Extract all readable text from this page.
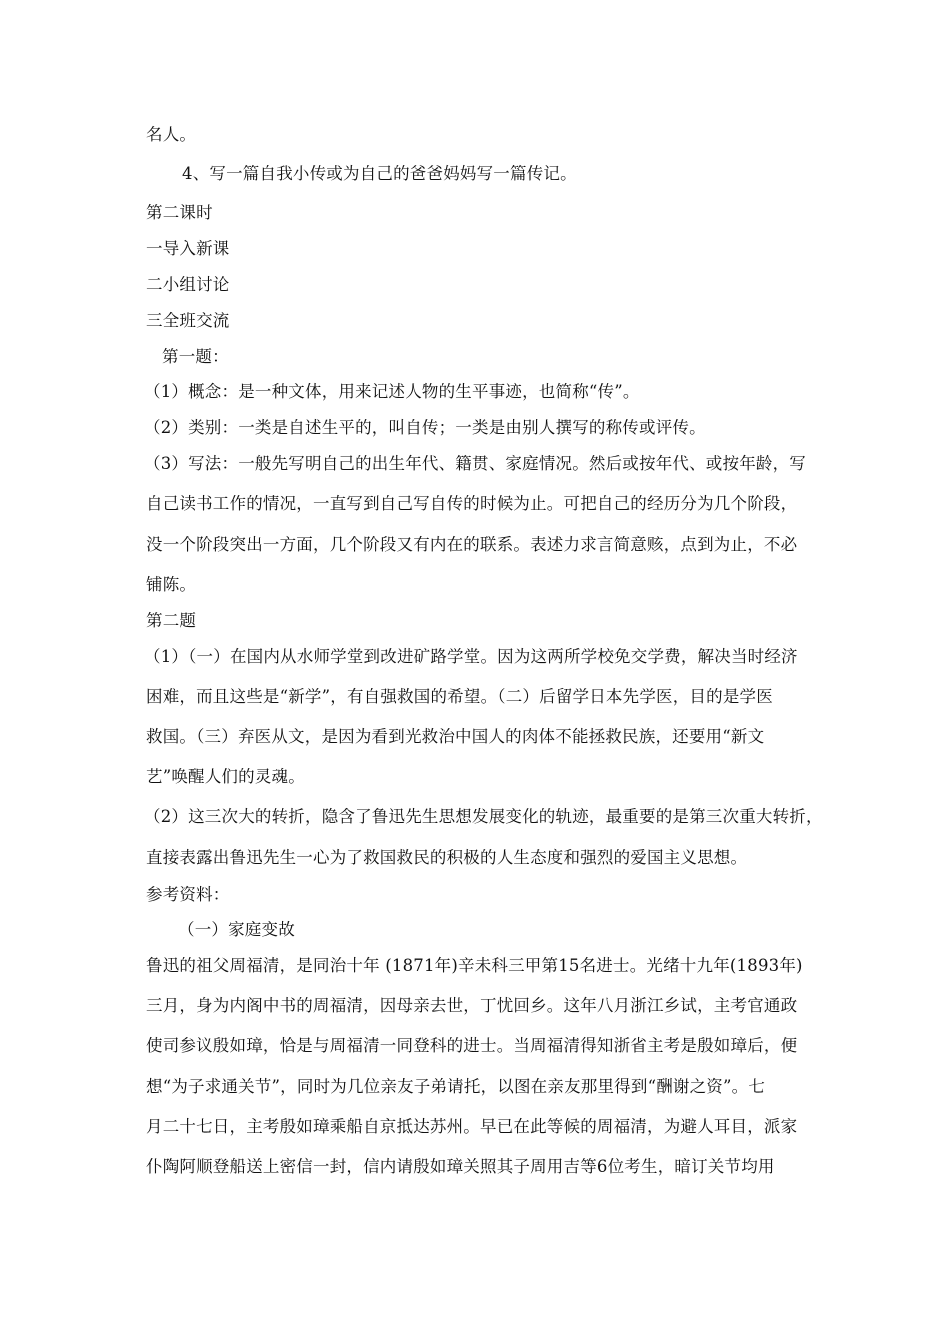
名人。
4、写一篇自我小传或为自己的爸爸妈妈写一篇传记。
第二课时
一导入新课
二小组讨论
三全班交流
第一题：
（1）概念：是一种文体，用来记述人物的生平事迹，也简称“传”。
（2）类别：一类是自述生平的，叫自传；一类是由别人撰写的称传或评传。
（3）写法：一般先写明自己的出生年代、籍贯、家庭情况。然后或按年代、或按年龄，写
自己读书工作的情况，一直写到自己写自传的时候为止。可把自己的经历分为几个阶段，
没一个阶段突出一方面，几个阶段又有内在的联系。表述力求言简意赅，点到为止，不必
铺陈。
第二题
（1）（一）在国内从水师学堂到改进矿路学堂。因为这两所学校免交学费，解决当时经济
困难，而且这些是“新学”，有自强救国的希望。（二）后留学日本先学医，目的是学医
救国。（三）弃医从文，是因为看到光救治中国人的肉体不能拯救民族，还要用“新文
艺”唤醒人们的灵魂。
（2）这三次大的转折，隐含了鲁迅先生思想发展变化的轨迹，最重要的是第三次重大转折，
直接表露出鲁迅先生一心为了救国救民的积极的人生态度和强烈的爱国主义思想。
参考资料：
（一）家庭变故
鲁迅的祖父周福清，是同治十年 (1871年)辛未科三甲第15名进士。光绪十九年(1893年)
三月，身为内阁中书的周福清，因母亲去世，丁忧回乡。这年八月浙江乡试，主考官通政
使司参议殷如璋，恰是与周福清一同登科的进士。当周福清得知浙省主考是殷如璋后，便
想“为子求通关节”，同时为几位亲友子弟请托，以图在亲友那里得到“酬谢之资”。七
月二十七日，主考殷如璋乘船自京抵达苏州。早已在此等候的周福清，为避人耳目，派家
仆陶阿顺登船送上密信一封，信内请殷如璋关照其子周用吉等6位考生，暗订关节均用
